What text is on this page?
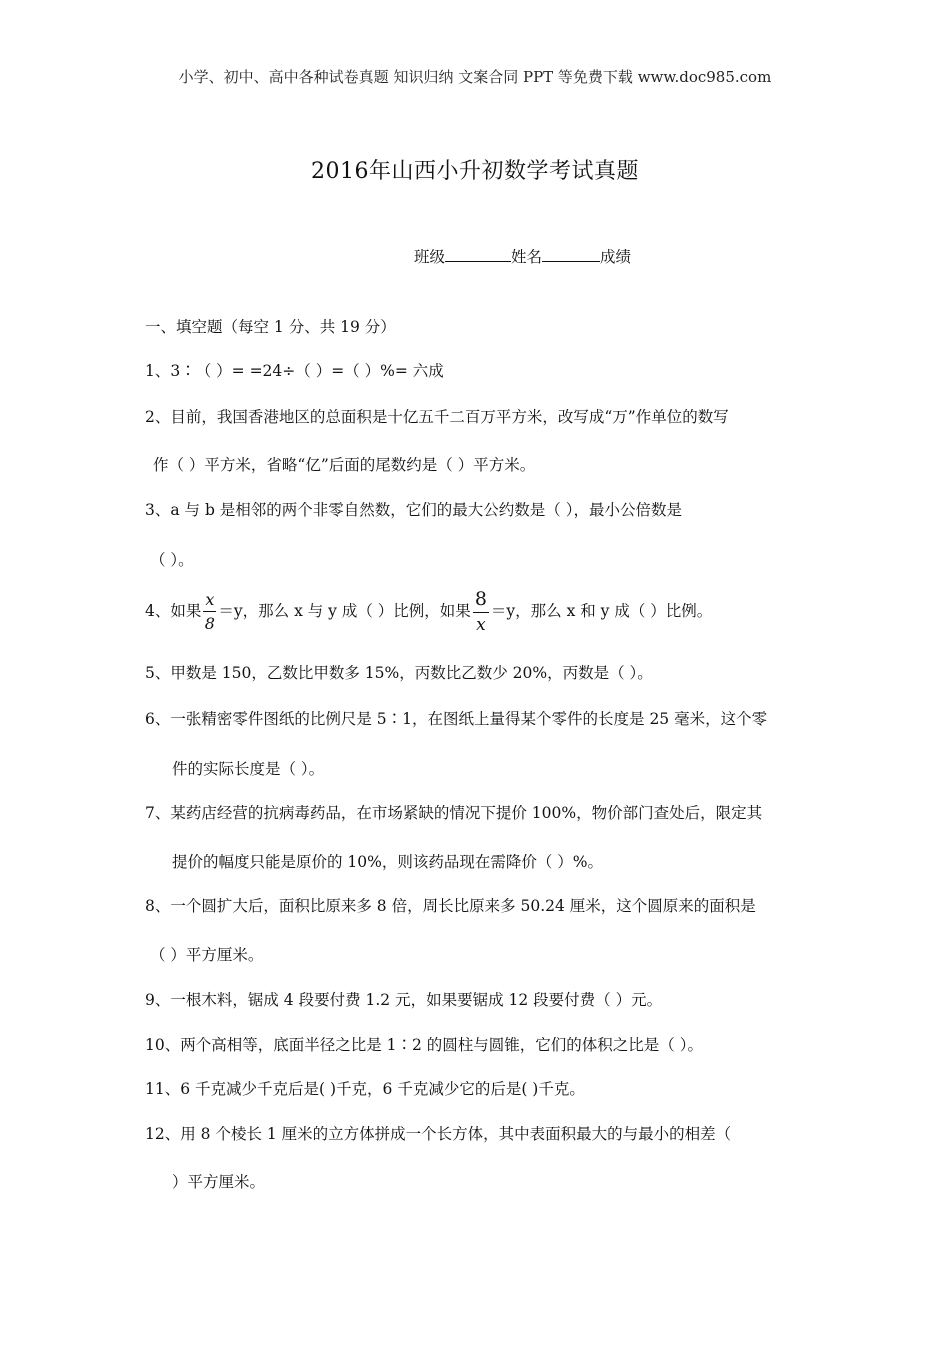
小学、初中、高中各种试卷真题 知识归纳 文案合同 PPT 等免费下载 www.doc985.com
2016年山西小升初数学考试真题
班级	姓名	成绩
一、填空题（每空 1 分、共 19 分）
1、3∶（ ）= =24÷（ ）=（ ）%= 六成
2、目前，我国香港地区的总面积是十亿五千二百万平方米，改写成“万”作单位的数写
作（ ）平方米，省略“亿”后面的尾数约是（ ）平方米。
3、a 与 b 是相邻的两个非零自然数，它们的最大公约数是（ ），最小公倍数是
（ ）。
4、如果 $\frac{x}{8} =y$，那么 x 与 y 成（ ）比例，如果 $\frac{8}{x} =y$，那么 x 和 y 成（ ）比例。
5、甲数是 150，乙数比甲数多 15%，丙数比乙数少 20%，丙数是（ ）。
6、一张精密零件图纸的比例尺是 5∶1，在图纸上量得某个零件的长度是 25 毫米，这个零
件的实际长度是（ ）。
7、某药店经营的抗病毒药品，在市场紧缺的情况下提价 100%，物价部门查处后，限定其
提价的幅度只能是原价的 10%，则该药品现在需降价（ ）%。
8、一个圆扩大后，面积比原来多 8 倍，周长比原来多 50.24 厘米，这个圆原来的面积是
（ ）平方厘米。
9、一根木料，锯成 4 段要付费 1.2 元，如果要锯成 12 段要付费（ ）元。
10、两个高相等，底面半径之比是 1∶2 的圆柱与圆锥，它们的体积之比是（ ）。
11、6 千克减少千克后是( )千克，6 千克减少它的后是( )千克。
12、用 8 个棱长 1 厘米的立方体拼成一个长方体，其中表面积最大的与最小的相差（
）平方厘米。
